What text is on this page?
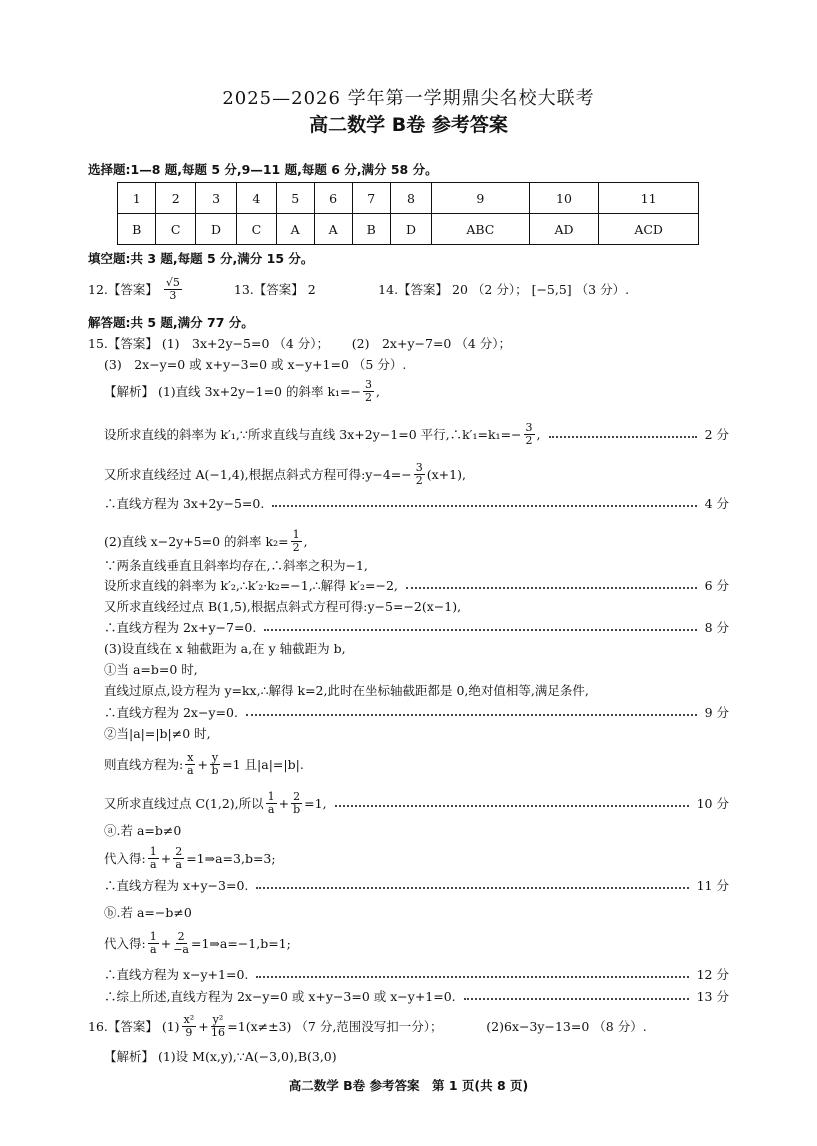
2025—2026 学年第一学期鼎尖名校大联考
高二数学 B卷 参考答案
1	2	3	4	5	6	7	8	9	10	11
B	C	D	C	A	A	B	D	ABC	AD	ACD
选择题:1—8 题,每题 5 分,9—11 题,每题 6 分,满分 58 分。
填空题:共 3 题,每题 5 分,满分 15 分。
12.【答案】 $\frac{√5}{3}$ 　　　　13.【答案】 2　　　　　14.【答案】 20 （2 分）； [−5,5] （3 分）.
解答题:共 5 题,满分 77 分。
15.【答案】 (1)　3x+2y−5=0 （4 分）；　　 (2)　2x+y−7=0 （4 分）；
(3)　2x−y=0 或 x+y−3=0 或 x−y+1=0 （5 分）.
【解析】 (1)直线 3x+2y−1=0 的斜率 $k_1=- \frac{3}{2}$ ,
设所求直线的斜率为 k′₁,∵所求直线与直线 3x+2y−1=0 平行,∴k′₁=k₁=− $\frac{3}{2}$ ,	2 分
又所求直线经过 A(−1,4),根据点斜式方程可得:y−4=− $\frac{3}{2} (x+1)$,
∴直线方程为 3x+2y−5=0.	4 分
(2)直线 x−2y+5=0 的斜率 $k_2= \frac{1}{2}$ ,
∵两条直线垂直且斜率均存在,∴斜率之积为−1,
设所求直线的斜率为 k′₂,∴k′₂·k₂=−1,∴解得 k′₂=−2,	6 分
又所求直线经过点 B(1,5),根据点斜式方程可得:y−5=−2(x−1),
∴直线方程为 2x+y−7=0.	8 分
(3)设直线在 x 轴截距为 a,在 y 轴截距为 b,
①当 a=b=0 时,
直线过原点,设方程为 y=kx,∴解得 k=2,此时在坐标轴截距都是 0,绝对值相等,满足条件,
∴直线方程为 2x−y=0.	9 分
②当|a|=|b|≠0 时,
则直线方程为: $\frac{x}{a} + \frac{y}{b} =1$ 且|a|=|b|.
又所求直线过点 C(1,2),所以 $\frac{1}{a} + \frac{2}{b} =1$,	10 分
ⓐ.若 a=b≠0
代入得: $\frac{1}{a} + \frac{2}{a}$ =1⇒a=3,b=3;
∴直线方程为 x+y−3=0.	11 分
ⓑ.若 a=−b≠0
代入得: $\frac{1}{a} + \frac{2}{-a}$ =1⇒a=−1,b=1;
∴直线方程为 x−y+1=0.	12 分
∴综上所述,直线方程为 2x−y=0 或 x+y−3=0 或 x−y+1=0.	13 分
16.【答案】 $(1) \frac{\text{x²}}{9} + \frac{\text{y²}}{16} =1(x\ne\pm 3)$ （7 分,范围没写扣一分）；　　　　(2)6x−3y−13=0 （8 分）.
【解析】 (1)设 M(x,y),∵A(−3,0),B(3,0)
高二数学 B卷 参考答案　第 1 页(共 8 页)
